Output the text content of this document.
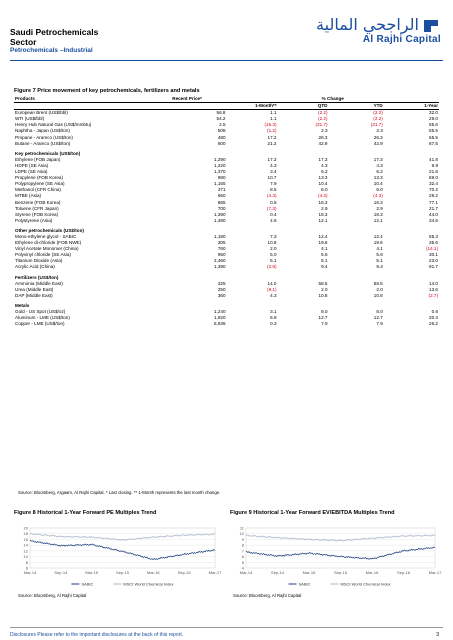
Saudi Petrochemicals
Sector
Petrochemicals –Industrial
الراجحي المالية
Al Rajhi Capital
Figure 7 Price movement of key petrochemicals, fertilizers and metals
Products	Recent Price*	% Change			
		1-Month**	QTD	YTD	1-Year
European Brent (US$/bbl)	56.8	1.1	(2.2)	(2.2)	32.0
WTI (US$/bbl)	54.2	1.1	(2.2)	(2.2)	29.0
Henry Hub Natural Gas (US$/mmbtu)	2.5	(16.3)	(31.7)	(31.7)	55.6
Naphtha - Japan (US$/ton)	508	(1.2)	2.3	2.3	55.5
Propane - Aramco (US$/ton)	480	17.2	26.3	26.3	65.5
Butane - Aramco (US$/ton)	600	21.2	42.9	42.9	87.5
Key petrochemicals (US$/ton)					
Ethylene (FOB Japan)	1,290	17.3	17.3	17.3	41.8
HDPE (SE Asia)	1,220	4.3	4.3	4.3	9.9
LDPE (SE Asia)	1,370	3.4	6.2	6.2	21.8
Propylene (FOB Korea)	980	10.7	13.3	13.3	69.0
Polypropylene (SE Asia)	1,165	7.9	10.4	10.4	32.4
Methanol (CFR China)	371	8.5	6.0	6.0	70.2
MTBE (Asia)	660	(4.3)	(4.3)	(4.3)	29.2
Benzene (FOB Korea)	965	0.5	16.3	16.3	77.1
Toluene (CFR Japan)	700	(7.3)	2.9	2.9	21.7
Styrene (FOB Korea)	1,390	0.4	18.3	18.3	44.0
Polystyrene (Asia)	1,480	4.6	12.1	12.1	34.5
Other petrochemicals (US$/ton)					
Mono-ethylene glycol - SABIC	1,180	7.3	12.4	12.4	55.3
Ethylene di-chloride (FOB NWE)	305	10.9	19.6	19.6	35.6
Vinyl Acetate Monomer (China)	760	2.0	4.1	4.1	(14.1)
Polyvinyl chloride (SE Asia)	950	5.0	5.6	5.6	30.1
Titanium Dioxide (Asia)	2,460	5.1	5.1	5.1	23.0
Acrylic Acid (China)	1,390	(2.8)	9.4	9.4	91.7
Fertilizers (US$/ton)					
Ammonia (Middle East)	325	14.0	58.5	58.5	14.0
Urea (Middle East)	250	(9.1)	2.0	2.0	13.6
DAP (Middle East)	360	4.3	10.8	10.8	(2.7)
Metals					
Gold - US Spot (US$/oz)	1,240	3.1	8.0	8.0	0.6
Aluminum - LME (US$/ton)	1,920	5.8	12.7	12.7	20.3
Copper - LME (US$/ton)	5,936	0.3	7.9	7.9	26.2
Source: Bloomberg, Argaam, Al Rajhi Capital. * Last closing. ** 1-Month represents the last month change.
Figure 8 Historical 1-Year Forward PE Multiples Trend
6
8
10
12
14
16
18
20
Mar-14	Sep-14	Mar-15	Sep-15	Mar-16	Sep-16	Mar-17
SABIC	MSCI World Chemical Index
Source: Bloomberg, Al Rajhi Capital
Figure 9 Historical 1-Year Forward EV/EBITDA Multiples Trend
4
5
6
7
8
9
10
11
Mar-14	Sep-14	Mar-15	Sep-15	Mar-16	Sep-16	Mar-17
SABIC	MSCI World Chemical Index
Source: Bloomberg, Al Rajhi Capital
Disclosures Please refer to the important disclosures at the back of this report.	3
